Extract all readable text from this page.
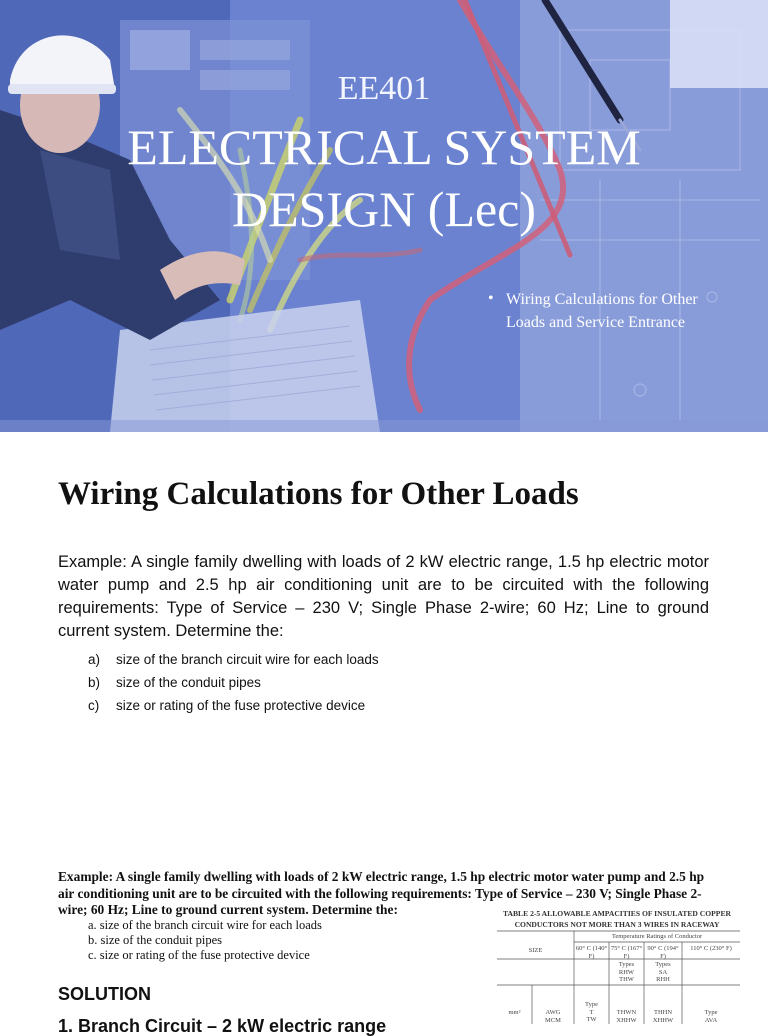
EE401
ELECTRICAL SYSTEM DESIGN (Lec)
• Wiring Calculations for Other Loads and Service Entrance
Wiring Calculations for Other Loads
Example: A single family dwelling with loads of 2 kW electric range, 1.5 hp electric motor water pump and 2.5 hp air conditioning unit are to be circuited with the following requirements: Type of Service – 230 V; Single Phase 2-wire; 60 Hz; Line to ground current system. Determine the:
a) size of the branch circuit wire for each loads
b) size of the conduit pipes
c) size or rating of the fuse protective device
Example: A single family dwelling with loads of 2 kW electric range, 1.5 hp electric motor water pump and 2.5 hp air conditioning unit are to be circuited with the following requirements: Type of Service – 230 V; Single Phase 2-wire; 60 Hz; Line to ground current system. Determine the:
a. size of the branch circuit wire for each loads
b. size of the conduit pipes
c. size or rating of the fuse protective device
SOLUTION
1. Branch Circuit – 2 kW electric range
TABLE 2-5 ALLOWABLE AMPACITIES OF INSULATED COPPER
CONDUCTORS NOT MORE THAN 3 WIRES IN RACEWAY
Temperature Ratings of Conductor
SIZE	60° C (140° F)
75° C (167° F)
90° C (194° F)
110° C (230° F)
Types
RHW
THW
Types
SA
RHH
mm²	AWG
MCM
Type
T
TW
THWN
XHHW
THHN
XHHW
Type
AVA
